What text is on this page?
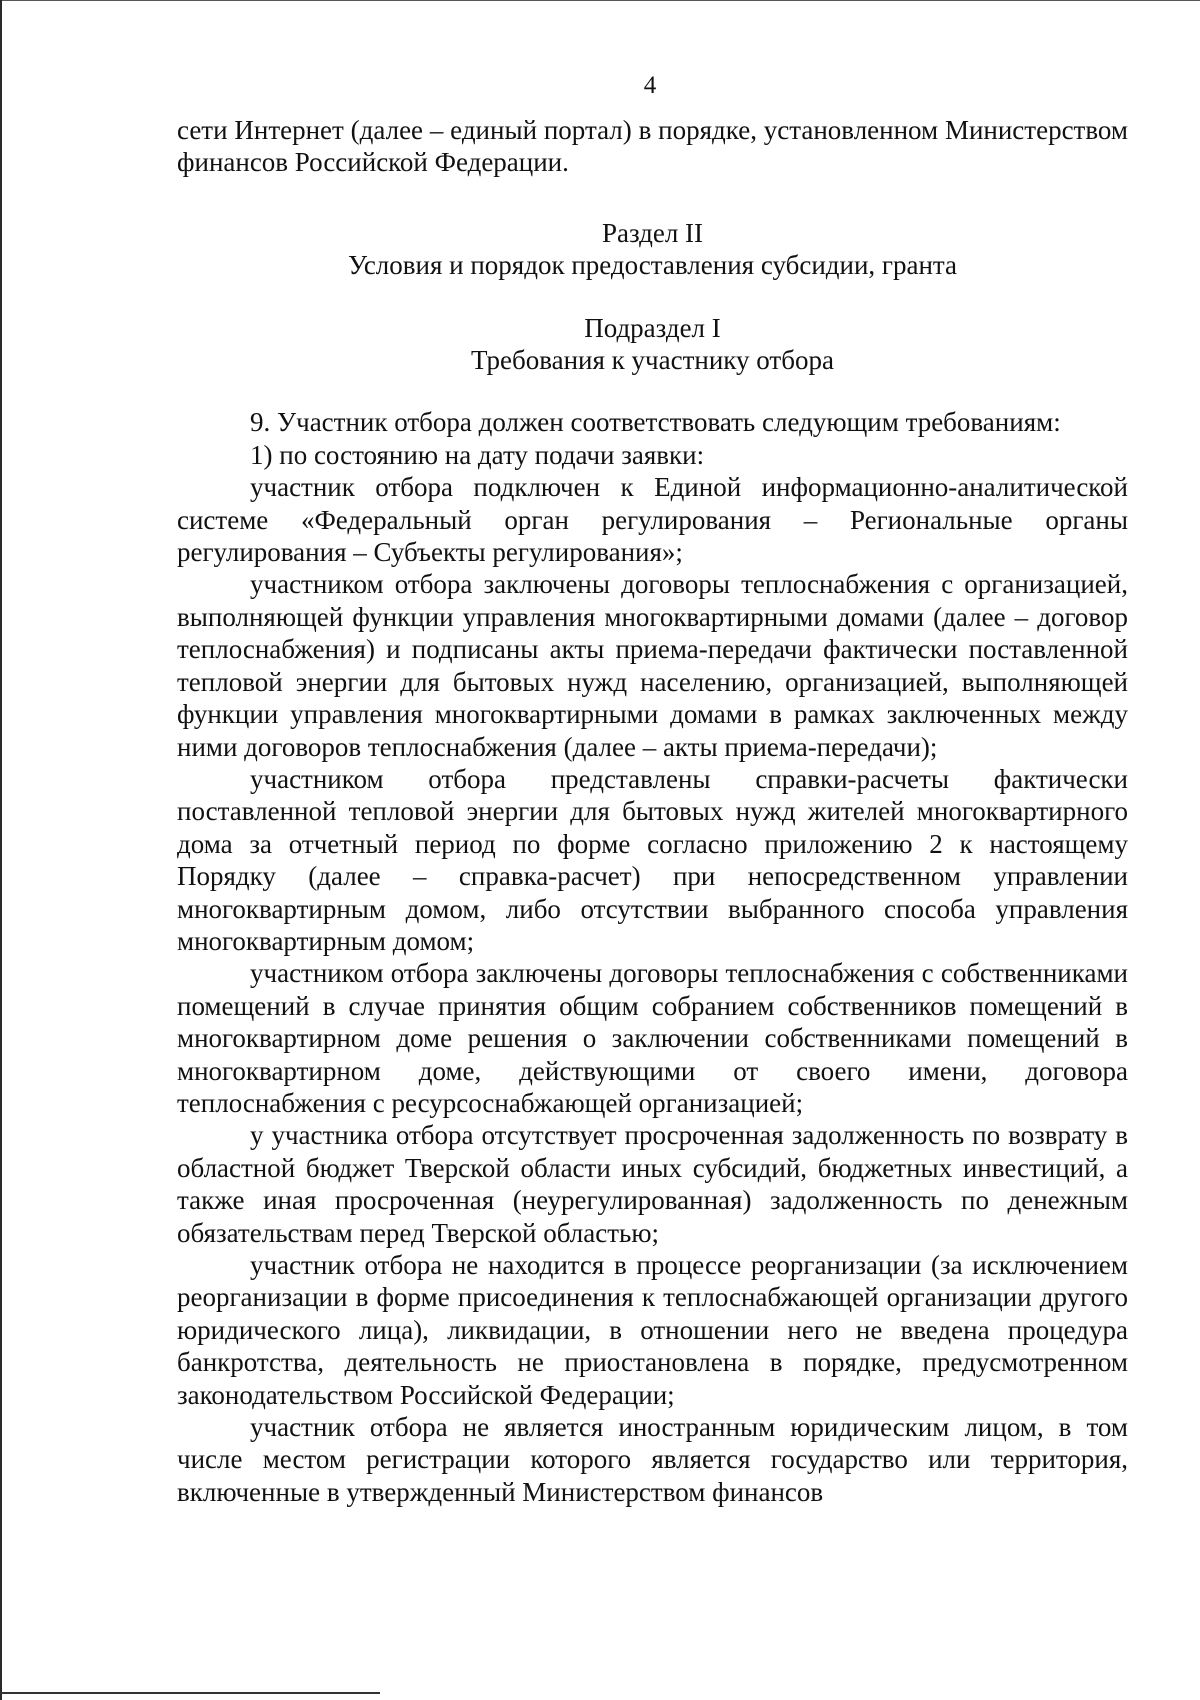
4

сети Интернет (далее – единый портал) в порядке, установленном Министерством финансов Российской Федерации.

Раздел II

Условия и порядок предоставления субсидии, гранта

Подраздел I

Требования к участнику отбора

9. Участник отбора должен соответствовать следующим требованиям:

1) по состоянию на дату подачи заявки:

участник отбора подключен к Единой информационно-аналитической системе «Федеральный орган регулирования – Региональные органы регулирования – Субъекты регулирования»;

участником отбора заключены договоры теплоснабжения с организацией, выполняющей функции управления многоквартирными домами (далее – договор теплоснабжения) и подписаны акты приема-передачи фактически поставленной тепловой энергии для бытовых нужд населению, организацией, выполняющей функции управления многоквартирными домами в рамках заключенных между ними договоров теплоснабжения (далее – акты приема-передачи);

участником отбора представлены справки-расчеты фактически поставленной тепловой энергии для бытовых нужд жителей многоквартирного дома за отчетный период по форме согласно приложению 2 к настоящему Порядку (далее – справка-расчет) при непосредственном управлении многоквартирным домом, либо отсутствии выбранного способа управления многоквартирным домом;

участником отбора заключены договоры теплоснабжения с собственниками помещений в случае принятия общим собранием собственников помещений в многоквартирном доме решения о заключении собственниками помещений в многоквартирном доме, действующими от своего имени, договора теплоснабжения с ресурсоснабжающей организацией;

у участника отбора отсутствует просроченная задолженность по возврату в областной бюджет Тверской области иных субсидий, бюджетных инвестиций, а также иная просроченная (неурегулированная) задолженность по денежным обязательствам перед Тверской областью;

участник отбора не находится в процессе реорганизации (за исключением реорганизации в форме присоединения к теплоснабжающей организации другого юридического лица), ликвидации, в отношении него не введена процедура банкротства, деятельность не приостановлена в порядке, предусмотренном законодательством Российской Федерации;

участник отбора не является иностранным юридическим лицом, в том числе местом регистрации которого является государство или территория, включенные в утвержденный Министерством финансов
